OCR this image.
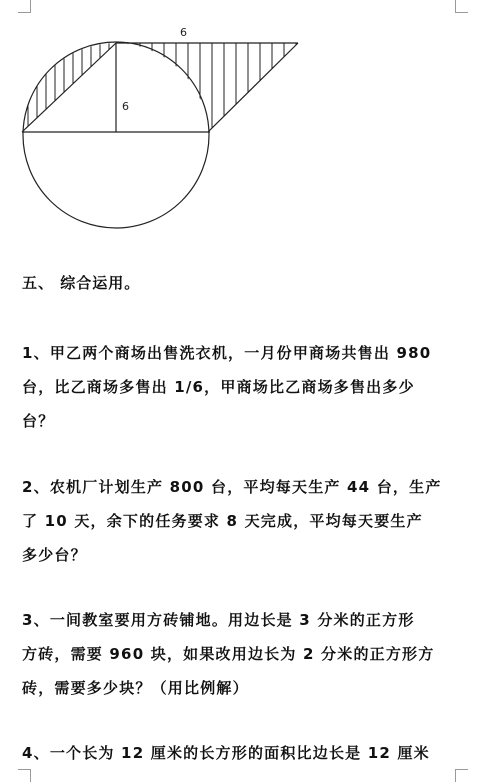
6
6

五、 综合运用。

1、甲乙两个商场出售洗衣机，一月份甲商场共售出 980
台，比乙商场多售出 1/6，甲商场比乙商场多售出多少
台？
2、农机厂计划生产 800 台，平均每天生产 44 台，生产
了 10 天，余下的任务要求 8 天完成，平均每天要生产
多少台？
3、一间教室要用方砖铺地。用边长是 3 分米的正方形
方砖，需要 960 块，如果改用边长为 2 分米的正方形方
砖，需要多少块？（用比例解）
4、一个长为 12 厘米的长方形的面积比边长是 12 厘米
